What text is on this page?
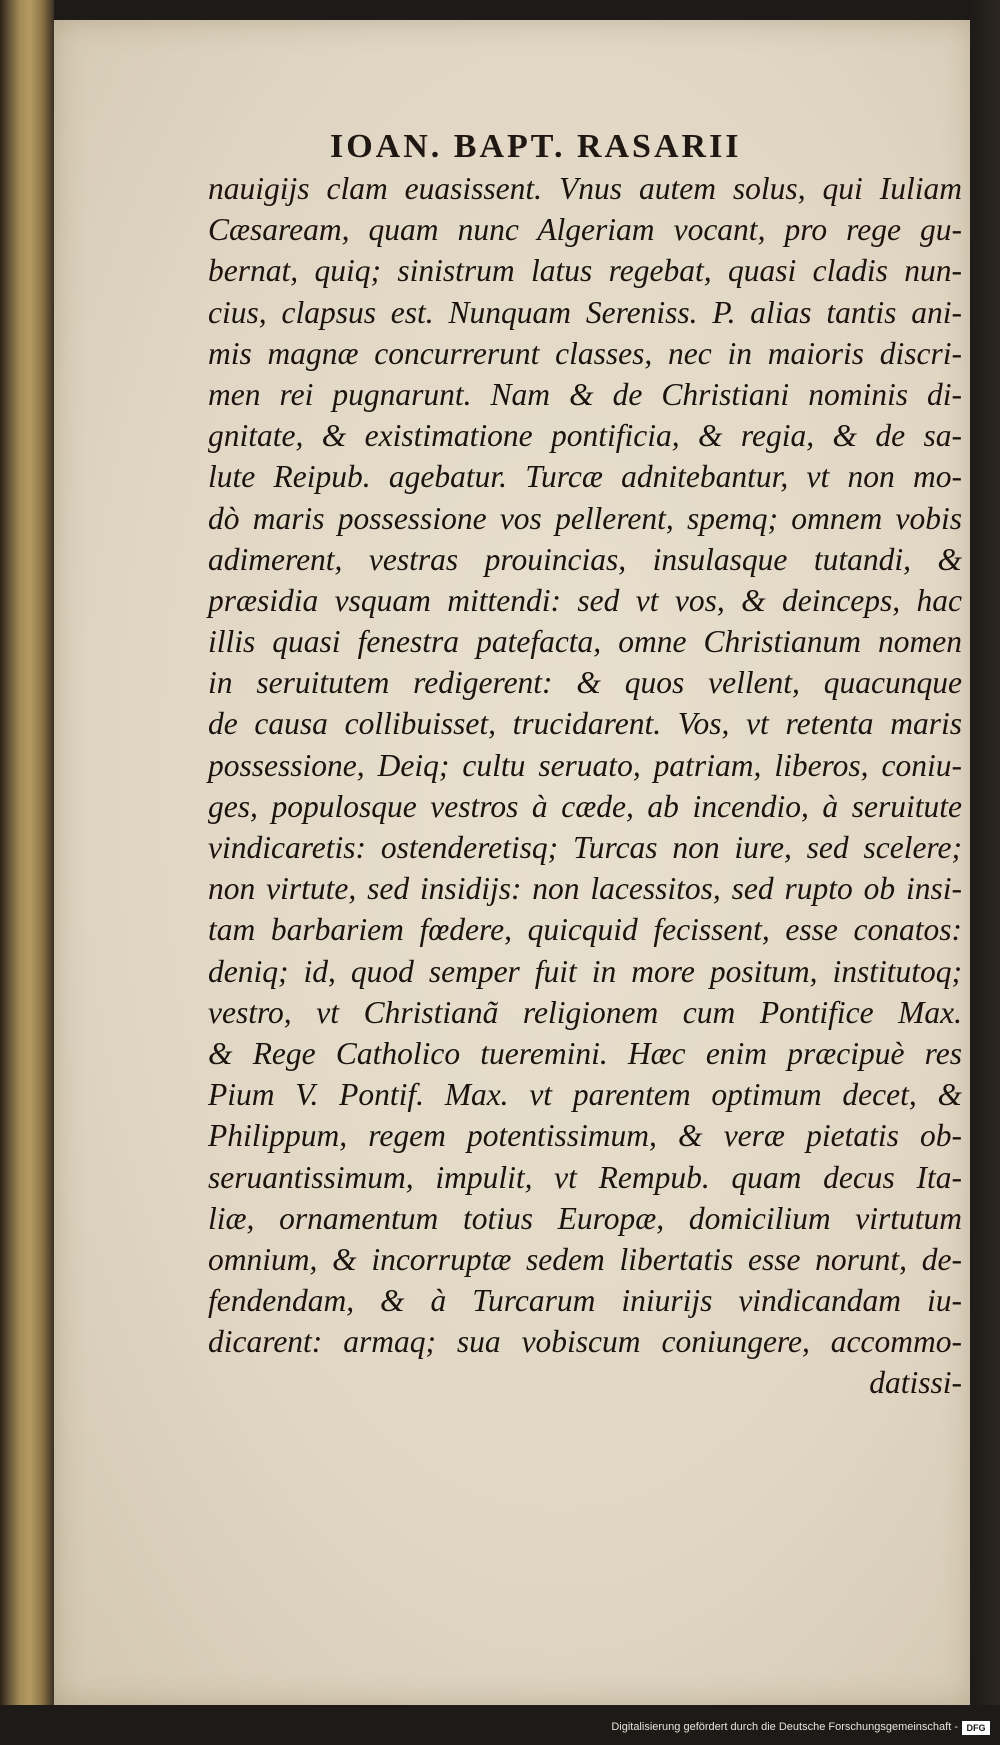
IOAN. BAPT. RASARII
nauigijs clam euasissent. Vnus autem solus, qui Iuliam
Cæsaream, quam nunc Algeriam vocant, pro rege gu-
bernat, quiq; sinistrum latus regebat, quasi cladis nun-
cius, clapsus est. Nunquam Sereniss. P. alias tantis ani-
mis magnæ concurrerunt classes, nec in maioris discri-
men rei pugnarunt. Nam & de Christiani nominis di-
gnitate, & existimatione pontificia, & regia, & de sa-
lute Reipub. agebatur. Turcæ adnitebantur, vt non mo-
dò maris possessione vos pellerent, spemq; omnem vobis
adimerent, vestras prouincias, insulasque tutandi, &
præsidia vsquam mittendi: sed vt vos, & deinceps, hac
illis quasi fenestra patefacta, omne Christianum nomen
in seruitutem redigerent: & quos vellent, quacunque
de causa collibuisset, trucidarent. Vos, vt retenta maris
possessione, Deiq; cultu seruato, patriam, liberos, coniu-
ges, populosque vestros à cæde, ab incendio, à seruitute
vindicaretis: ostenderetisq; Turcas non iure, sed scelere;
non virtute, sed insidijs: non lacessitos, sed rupto ob insi-
tam barbariem fœdere, quicquid fecissent, esse conatos:
deniq; id, quod semper fuit in more positum, institutoq;
vestro, vt Christianã religionem cum Pontifice Max.
& Rege Catholico tueremini. Hæc enim præcipuè res
Pium V. Pontif. Max. vt parentem optimum decet, &
Philippum, regem potentissimum, & veræ pietatis ob-
seruantissimum, impulit, vt Rempub. quam decus Ita-
liæ, ornamentum totius Europæ, domicilium virtutum
omnium, & incorruptæ sedem libertatis esse norunt, de-
fendendam, & à Turcarum iniurijs vindicandam iu-
dicarent: armaq; sua vobiscum coniungere, accommo-
datissi-
Digitalisierung gefördert durch die Deutsche Forschungsgemeinschaft - DFG
